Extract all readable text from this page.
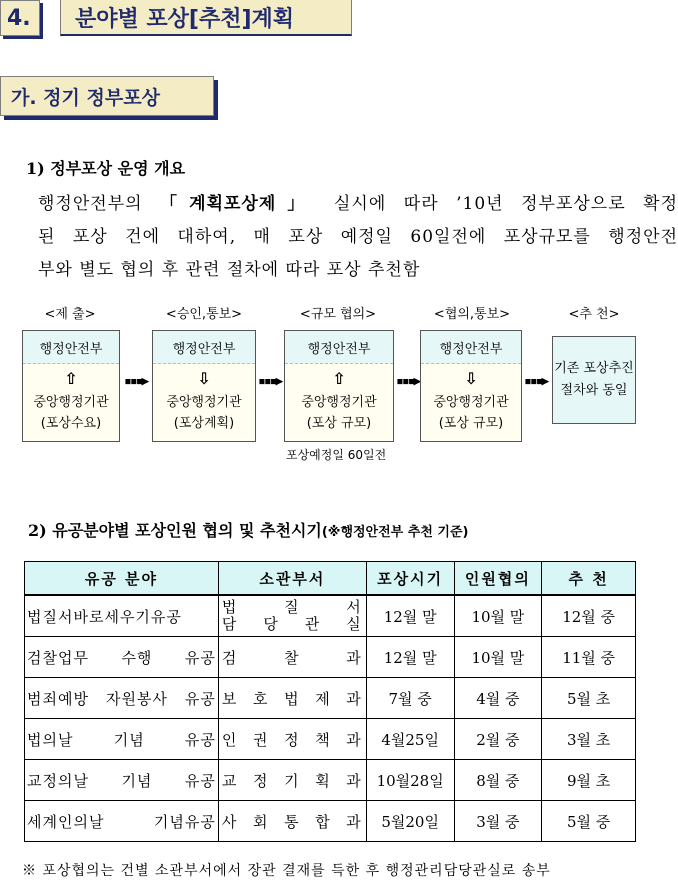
4.	분야별 포상[추천]계획
가. 정기 정부포상
1) 정부포상 운영 개요
행정안전부의 「계획포상제」 실시에 따라 ’10년 정부포상으로 확정
된 포상 건에 대하여, 매 포상 예정일 60일전에 포상규모를 행정안전
부와 별도 협의 후 관련 절차에 따라 포상 추천함
<제 출>	<승인,통보>	<규모 협의>	<협의,통보>	<추 천>
행정안전부
⇧
중앙행정기관
(포상수요)
▪▪▪▶
행정안전부
⇩
중앙행정기관
(포상계획)
▪▪▪▶
행정안전부
⇧
중앙행정기관
(포상 규모)
▪▪▪▶
행정안전부
⇩
중앙행정기관
(포상 규모)
▪▪▪▶
기존 포상추진
절차와 동일
포상예정일 60일전
2) 유공분야별 포상인원 협의 및 추천시기(※행정안전부 추천 기준)
유공 분야	소관부서	포상시기	인원협의	추 천
법질서바로세우기유공	법 질 서
담 당 관 실	12월 말	10월 말	12월 중
검찰업무 수행 유공	검 찰 과	12월 말	10월 말	11월 중
범죄예방 자원봉사 유공	보 호 법 제 과	7월 중	4월 중	5월 초
법의날 기념 유공	인 권 정 책 과	4월25일	2월 중	3월 초
교정의날 기념 유공	교 정 기 획 과	10월28일	8월 중	9월 초
세계인의날 기념유공	사 회 통 합 과	5월20일	3월 중	5월 중
※ 포상협의는 건별 소관부서에서 장관 결재를 득한 후 행정관리담당관실로 송부
